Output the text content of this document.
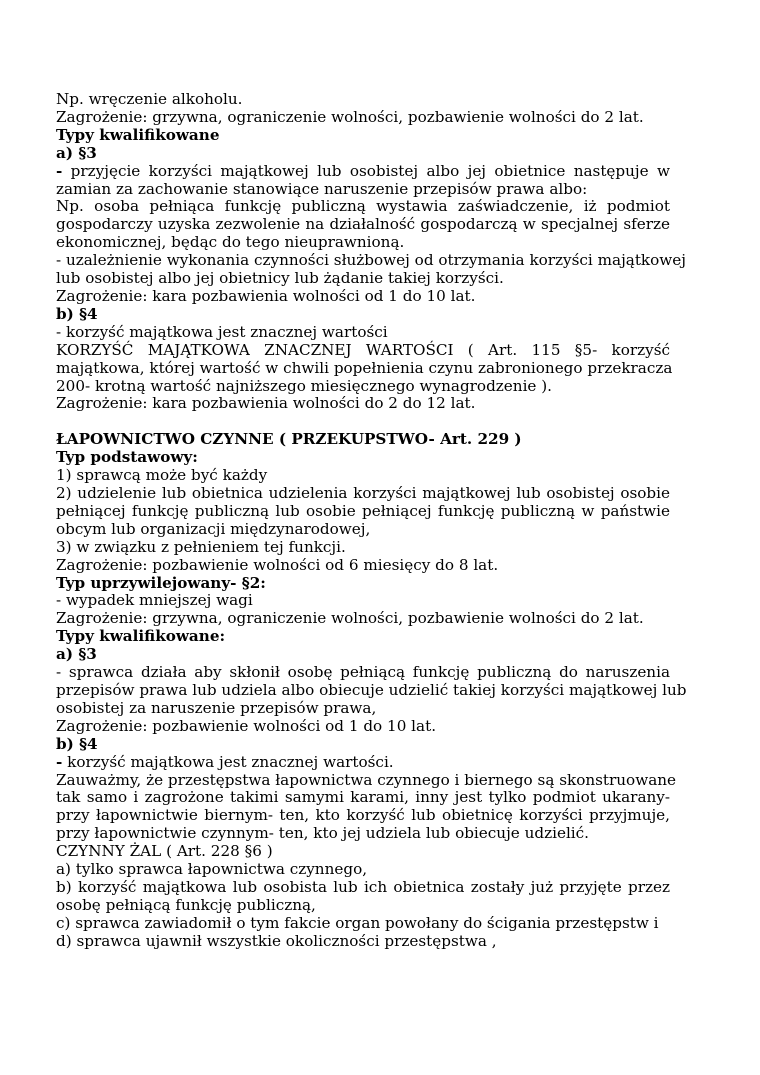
Np. wręczenie alkoholu.
Zagrożenie: grzywna, ograniczenie wolności, pozbawienie wolności do 2 lat.
Typy kwalifikowane
a) §3
- przyjęcie korzyści majątkowej lub osobistej albo jej obietnice następuje w
zamian za zachowanie stanowiące naruszenie przepisów prawa albo:
Np. osoba pełniąca funkcję publiczną wystawia zaświadczenie, iż podmiot
gospodarczy uzyska zezwolenie na działalność gospodarczą w specjalnej sferze
ekonomicznej, będąc do tego nieuprawnioną.
- uzależnienie wykonania czynności służbowej od otrzymania korzyści majątkowej
lub osobistej albo jej obietnicy lub żądanie takiej korzyści.
Zagrożenie: kara pozbawienia wolności od 1 do 10 lat.
b) §4
- korzyść majątkowa jest znacznej wartości
KORZYŚĆ MAJĄTKOWA ZNACZNEJ WARTOŚCI ( Art. 115 §5- korzyść
majątkowa, której wartość w chwili popełnienia czynu zabronionego przekracza
200- krotną wartość najniższego miesięcznego wynagrodzenie ).
Zagrożenie: kara pozbawienia wolności do 2 do 12 lat.
ŁAPOWNICTWO CZYNNE ( PRZEKUPSTWO- Art. 229 )
Typ podstawowy:
1) sprawcą może być każdy
2) udzielenie lub obietnica udzielenia korzyści majątkowej lub osobistej osobie
pełniącej funkcję publiczną lub osobie pełniącej funkcję publiczną w państwie
obcym lub organizacji międzynarodowej,
3) w związku z pełnieniem tej funkcji.
Zagrożenie: pozbawienie wolności od 6 miesięcy do 8 lat.
Typ uprzywilejowany- §2:
- wypadek mniejszej wagi
Zagrożenie: grzywna, ograniczenie wolności, pozbawienie wolności do 2 lat.
Typy kwalifikowane:
a) §3
- sprawca działa aby skłonił osobę pełniącą funkcję publiczną do naruszenia
przepisów prawa lub udziela albo obiecuje udzielić takiej korzyści majątkowej lub
osobistej za naruszenie przepisów prawa,
Zagrożenie: pozbawienie wolności od 1 do 10 lat.
b) §4
- korzyść majątkowa jest znacznej wartości.
Zauważmy, że przestępstwa łapownictwa czynnego i biernego są skonstruowane
tak samo i zagrożone takimi samymi karami, inny jest tylko podmiot ukarany-
przy łapownictwie biernym- ten, kto korzyść lub obietnicę korzyści przyjmuje,
przy łapownictwie czynnym- ten, kto jej udziela lub obiecuje udzielić.
CZYNNY ŻAL ( Art. 228 §6 )
a) tylko sprawca łapownictwa czynnego,
b) korzyść majątkowa lub osobista lub ich obietnica zostały już przyjęte przez
osobę pełniącą funkcję publiczną,
c) sprawca zawiadomił o tym fakcie organ powołany do ścigania przestępstw i
d) sprawca ujawnił wszystkie okoliczności przestępstwa ,
